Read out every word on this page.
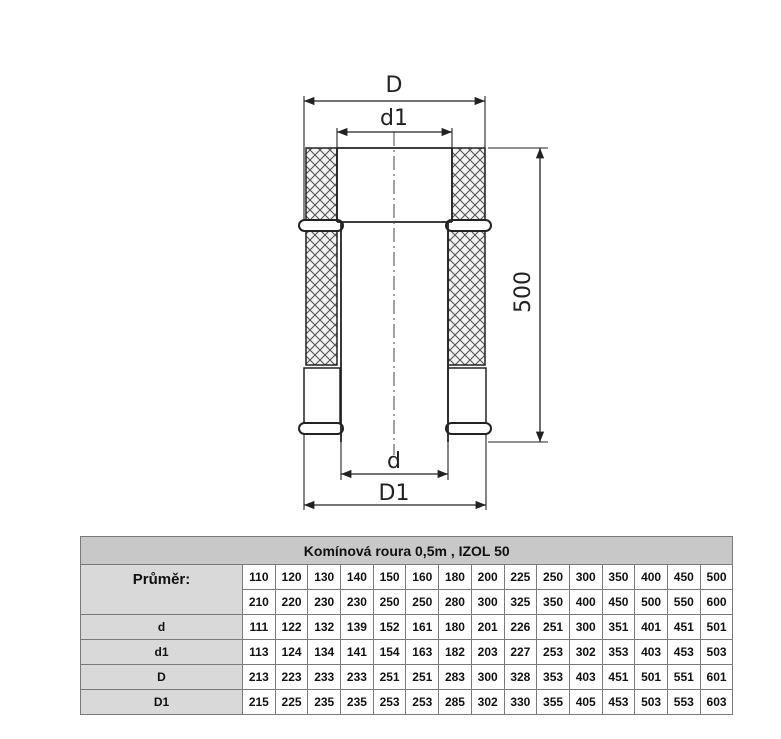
D
d1
d
D1
500
Komínová roura 0,5m , IZOL 50															
Průměr:	110	120	130	140	150	160	180	200	225	250	300	350	400	450	500
	210	220	230	230	250	250	280	300	325	350	400	450	500	550	600
d	111	122	132	139	152	161	180	201	226	251	300	351	401	451	501
d1	113	124	134	141	154	163	182	203	227	253	302	353	403	453	503
D	213	223	233	233	251	251	283	300	328	353	403	451	501	551	601
D1	215	225	235	235	253	253	285	302	330	355	405	453	503	553	603
